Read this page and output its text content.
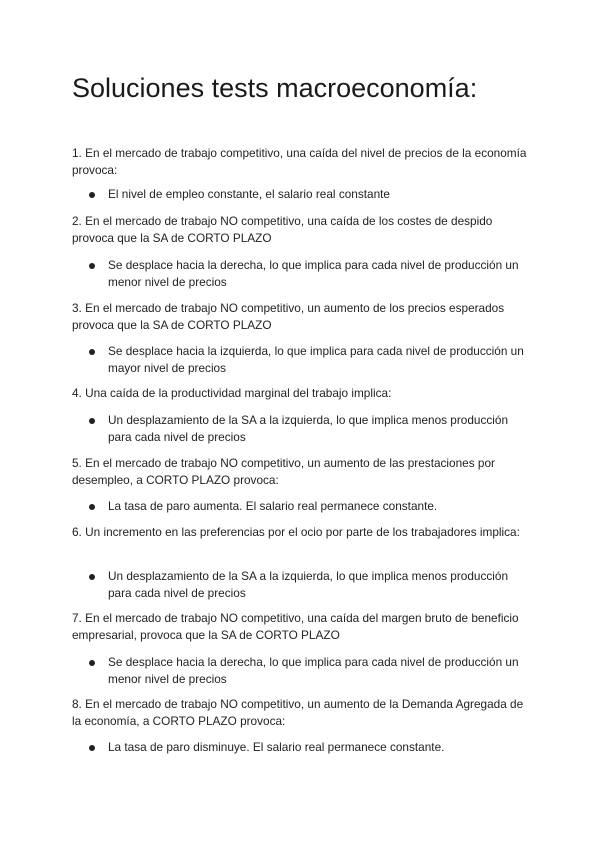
Soluciones tests macroeconomía:

1. En el mercado de trabajo competitivo, una caída del nivel de precios de la economía provoca:

El nivel de empleo constante, el salario real constante

2. En el mercado de trabajo NO competitivo, una caída de los costes de despido provoca que la SA de CORTO PLAZO

Se desplace hacia la derecha, lo que implica para cada nivel de producción un menor nivel de precios

3. En el mercado de trabajo NO competitivo, un aumento de los precios esperados provoca que la SA de CORTO PLAZO

Se desplace hacia la izquierda, lo que implica para cada nivel de producción un mayor nivel de precios

4. Una caída de la productividad marginal del trabajo implica:

Un desplazamiento de la SA a la izquierda, lo que implica menos producción para cada nivel de precios

5. En el mercado de trabajo NO competitivo, un aumento de las prestaciones por desempleo, a CORTO PLAZO provoca:

La tasa de paro aumenta. El salario real permanece constante.

6. Un incremento en las preferencias por el ocio por parte de los trabajadores implica:

Un desplazamiento de la SA a la izquierda, lo que implica menos producción para cada nivel de precios

7. En el mercado de trabajo NO competitivo, una caída del margen bruto de beneficio empresarial, provoca que la SA de CORTO PLAZO

Se desplace hacia la derecha, lo que implica para cada nivel de producción un menor nivel de precios

8. En el mercado de trabajo NO competitivo, un aumento de la Demanda Agregada de la economía, a CORTO PLAZO provoca:

La tasa de paro disminuye. El salario real permanece constante.
